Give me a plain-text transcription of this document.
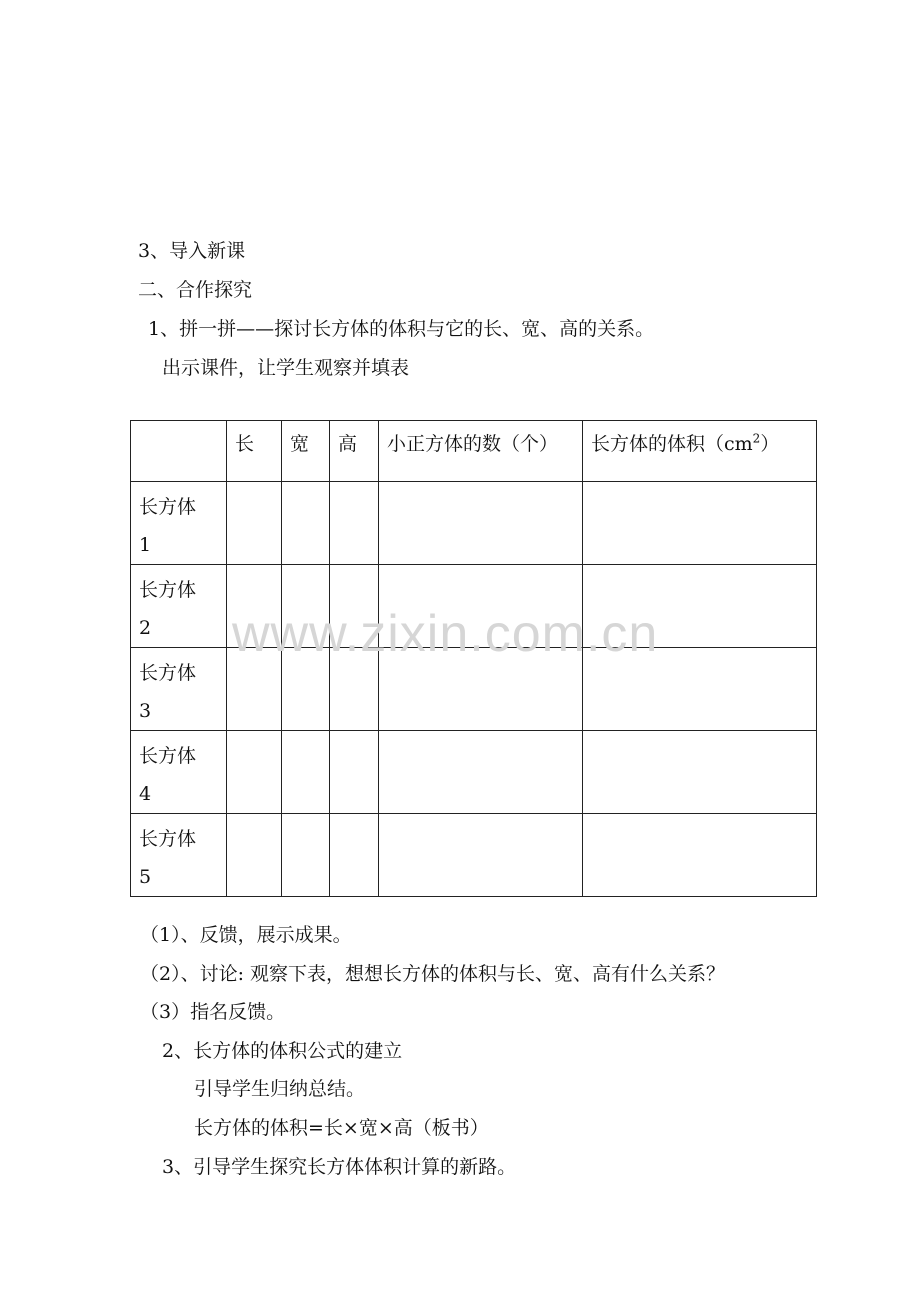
3、导入新课
二、合作探究
1、拼一拼——探讨长方体的体积与它的长、宽、高的关系。
出示课件，让学生观察并填表
	长	宽	高	小正方体的数（个）	长方体的体积$(cm^2)$

长方体
1					

长方体
2					

长方体
3					

长方体
4					

长方体
5					

www.zixin.com.cn
（1）、反馈，展示成果。
（2）、讨论: 观察下表，想想长方体的体积与长、宽、高有什么关系？
（3）指名反馈。
2、长方体的体积公式的建立
引导学生归纳总结。
长方体的体积=长×宽×高（板书）
3、引导学生探究长方体体积计算的新路。
